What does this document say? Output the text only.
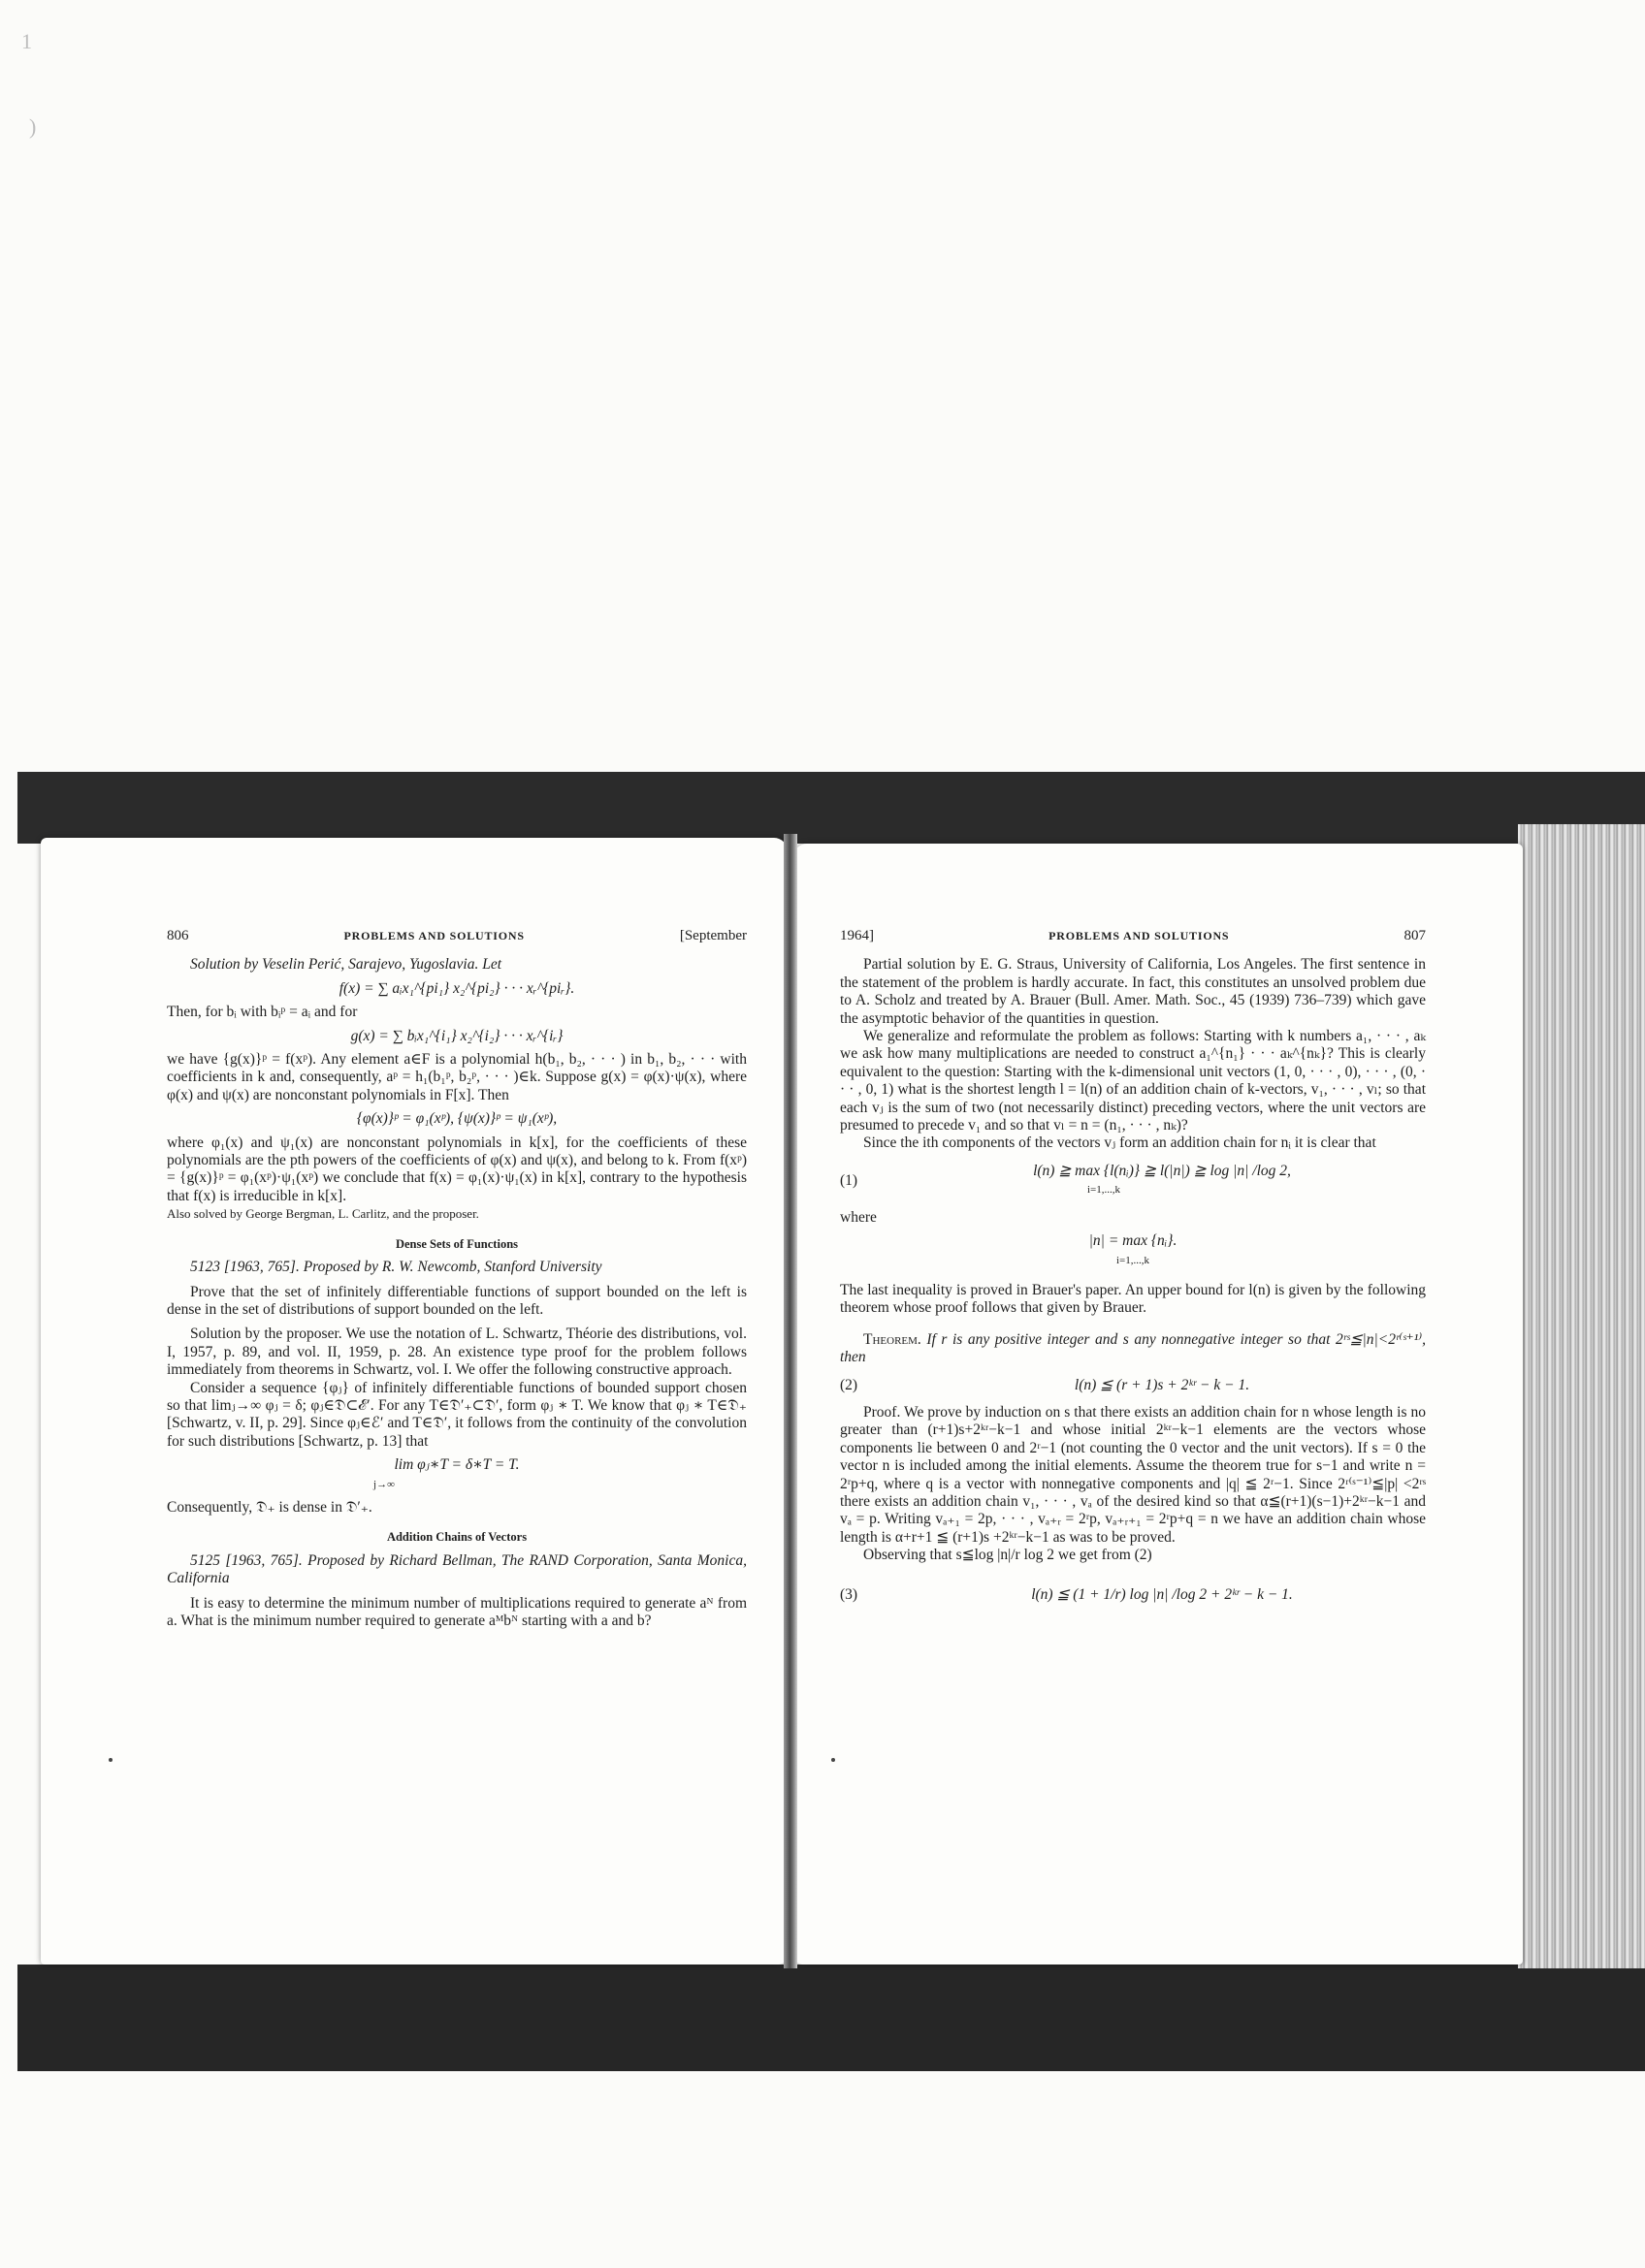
1
)
806	PROBLEMS AND SOLUTIONS	[September

Solution by Veselin Perić, Sarajevo, Yugoslavia. Let

f(x) = ∑ aᵢx₁^{pi₁} x₂^{pi₂} · · · xᵣ^{piᵣ}.

Then, for bᵢ with bᵢᵖ = aᵢ and for

g(x) = ∑ bᵢx₁^{i₁} x₂^{i₂} · · · xᵣ^{iᵣ}

we have {g(x)}ᵖ = f(xᵖ). Any element a∈F is a polynomial h(b₁, b₂, · · · ) in b₁, b₂, · · · with coefficients in k and, consequently, aᵖ = h₁(b₁ᵖ, b₂ᵖ, · · · )∈k. Suppose g(x) = φ(x)·ψ(x), where φ(x) and ψ(x) are nonconstant polynomials in F[x]. Then

{φ(x)}ᵖ = φ₁(xᵖ), {ψ(x)}ᵖ = ψ₁(xᵖ),

where φ₁(x) and ψ₁(x) are nonconstant polynomials in k[x], for the coefficients of these polynomials are the pth powers of the coefficients of φ(x) and ψ(x), and belong to k. From f(xᵖ) = {g(x)}ᵖ = φ₁(xᵖ)·ψ₁(xᵖ) we conclude that f(x) = φ₁(x)·ψ₁(x) in k[x], contrary to the hypothesis that f(x) is irreducible in k[x].

Also solved by George Bergman, L. Carlitz, and the proposer.

Dense Sets of Functions

5123 [1963, 765]. Proposed by R. W. Newcomb, Stanford University

Prove that the set of infinitely differentiable functions of support bounded on the left is dense in the set of distributions of support bounded on the left.

Solution by the proposer. We use the notation of L. Schwartz, Théorie des distributions, vol. I, 1957, p. 89, and vol. II, 1959, p. 28. An existence type proof for the problem follows immediately from theorems in Schwartz, vol. I. We offer the following constructive approach.

Consider a sequence {φⱼ} of infinitely differentiable functions of bounded support chosen so that limⱼ→∞ φⱼ = δ; φⱼ∈𝔇⊂ℰ′. For any T∈𝔇′₊⊂𝔇′, form φⱼ ∗ T. We know that φⱼ ∗ T∈𝔇₊ [Schwartz, v. II, p. 29]. Since φⱼ∈ℰ′ and T∈𝔇′, it follows from the continuity of the convolution for such distributions [Schwartz, p. 13] that

lim φⱼ∗T = δ∗T = T.
j→∞

Consequently, 𝔇₊ is dense in 𝔇′₊.

Addition Chains of Vectors

5125 [1963, 765]. Proposed by Richard Bellman, The RAND Corporation, Santa Monica, California

It is easy to determine the minimum number of multiplications required to generate aᴺ from a. What is the minimum number required to generate aᴹbᴺ starting with a and b?

1964]	PROBLEMS AND SOLUTIONS	807

Partial solution by E. G. Straus, University of California, Los Angeles. The first sentence in the statement of the problem is hardly accurate. In fact, this constitutes an unsolved problem due to A. Scholz and treated by A. Brauer (Bull. Amer. Math. Soc., 45 (1939) 736–739) which gave the asymptotic behavior of the quantities in question.

We generalize and reformulate the problem as follows: Starting with k numbers a₁, · · · , aₖ we ask how many multiplications are needed to construct a₁^{n₁} · · · aₖ^{nₖ}? This is clearly equivalent to the question: Starting with the k-dimensional unit vectors (1, 0, · · · , 0), · · · , (0, · · · , 0, 1) what is the shortest length l = l(n) of an addition chain of k-vectors, v₁, · · · , vₗ; so that each vⱼ is the sum of two (not necessarily distinct) preceding vectors, where the unit vectors are presumed to precede v₁ and so that vₗ = n = (n₁, · · · , nₖ)?

Since the ith components of the vectors vⱼ form an addition chain for nᵢ it is clear that

(1)
l(n) ≧ max {l(nᵢ)} ≧ l(|n|) ≧ log |n| /log 2,
i=1,...,k

where

|n| = max {nᵢ}.
i=1,...,k

The last inequality is proved in Brauer's paper. An upper bound for l(n) is given by the following theorem whose proof follows that given by Brauer.

Theorem. If r is any positive integer and s any nonnegative integer so that 2ʳˢ≦|n|<2ʳ⁽ˢ⁺¹⁾, then

(2)	l(n) ≦ (r + 1)s + 2ᵏʳ − k − 1.

Proof. We prove by induction on s that there exists an addition chain for n whose length is no greater than (r+1)s+2ᵏʳ−k−1 and whose initial 2ᵏʳ−k−1 elements are the vectors whose components lie between 0 and 2ʳ−1 (not counting the 0 vector and the unit vectors). If s = 0 the vector n is included among the initial elements. Assume the theorem true for s−1 and write n = 2ʳp+q, where q is a vector with nonnegative components and |q| ≦ 2ʳ−1. Since 2ʳ⁽ˢ⁻¹⁾≦|p| <2ʳˢ there exists an addition chain v₁, · · · , vₐ of the desired kind so that α≦(r+1)(s−1)+2ᵏʳ−k−1 and vₐ = p. Writing vₐ₊₁ = 2p, · · · , vₐ₊ᵣ = 2ʳp, vₐ₊ᵣ₊₁ = 2ʳp+q = n we have an addition chain whose length is α+r+1 ≦ (r+1)s +2ᵏʳ−k−1 as was to be proved.

Observing that s≦log |n|/r log 2 we get from (2)

(3)	l(n) ≦ (1 + 1/r) log |n| /log 2 + 2ᵏʳ − k − 1.
